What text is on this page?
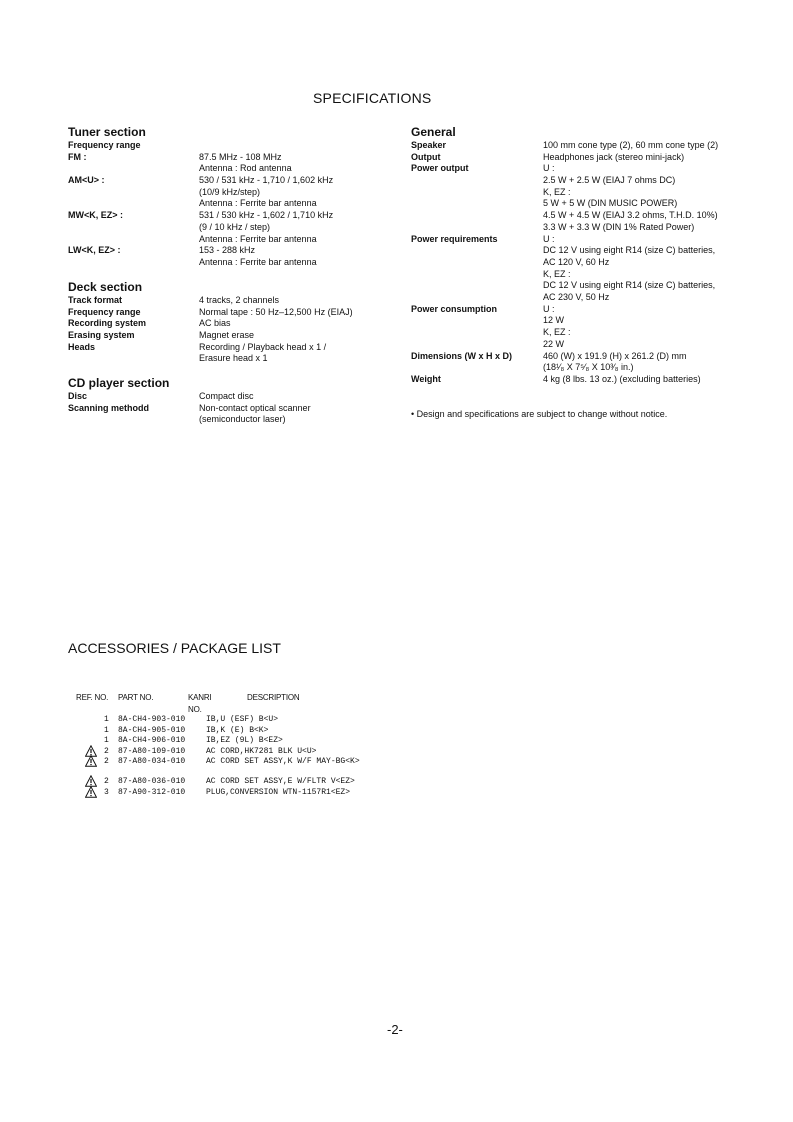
SPECIFICATIONS
Tuner section
Frequency range
FM :	87.5 MHz - 108 MHz
Antenna : Rod antenna
AM<U> :	530 / 531 kHz - 1,710 / 1,602 kHz
(10/9 kHz/step)
Antenna : Ferrite bar antenna
MW<K, EZ> :	531 / 530 kHz - 1,602 / 1,710 kHz
(9 / 10 kHz / step)
Antenna : Ferrite bar antenna
LW<K, EZ> :	153 - 288 kHz
Antenna : Ferrite bar antenna
Deck section
Track format	4 tracks, 2 channels
Frequency range	Normal tape : 50 Hz–12,500 Hz (EIAJ)
Recording system	AC bias
Erasing system	Magnet erase
Heads	Recording / Playback head x 1 /
Erasure head x 1
CD player section
Disc	Compact disc
Scanning methodd	Non-contact optical scanner
(semiconductor laser)
General
Speaker	100 mm cone type (2), 60 mm cone type (2)
Output	Headphones jack (stereo mini-jack)
Power output	U :
2.5 W + 2.5 W (EIAJ 7 ohms DC)
K, EZ :
5 W + 5 W (DIN MUSIC POWER)
4.5 W + 4.5 W (EIAJ 3.2 ohms, T.H.D. 10%)
3.3 W + 3.3 W (DIN 1% Rated Power)
Power requirements	U :
DC 12 V using eight R14 (size C) batteries,
AC 120 V, 60 Hz
K, EZ :
DC 12 V using eight R14 (size C) batteries,
AC 230 V, 50 Hz
Power consumption	U :
12 W
K, EZ :
22 W
Dimensions (W x H x D)	460 (W) x 191.9 (H) x 261.2 (D) mm
(18¹⁄₈ X 7⁵⁄₈ X 10³⁄₈ in.)
Weight	4 kg (8 lbs. 13 oz.) (excluding batteries)
• Design and specifications are subject to change without notice.
ACCESSORIES / PACKAGE LIST
REF. NO. PART NO.	KANRI
NO.
DESCRIPTION
1 8A-CH4-903-010	IB,U (ESF) B<U>
1 8A-CH4-905-010	IB,K (E) B<K>
1 8A-CH4-906-010	IB,EZ (9L) B<EZ>
2 87-A80-109-010	AC CORD,HK7281 BLK U<U>
2 87-A80-034-010	AC CORD SET ASSY,K W/F MAY-BG<K>
2 87-A80-036-010	AC CORD SET ASSY,E W/FLTR V<EZ>
3 87-A90-312-010	PLUG,CONVERSION WTN-1157R1<EZ>
-2-
